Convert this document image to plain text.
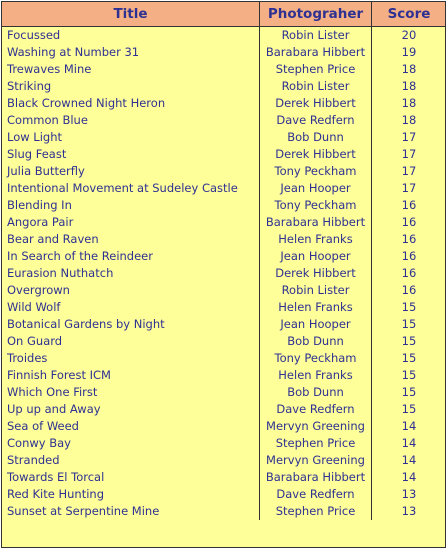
Title	Photograher	Score
Focussed	Robin Lister	20
Washing at Number 31	Barabara Hibbert	19
Trewaves Mine	Stephen Price	18
Striking	Robin Lister	18
Black Crowned Night Heron	Derek Hibbert	18
Common Blue	Dave Redfern	18
Low Light	Bob Dunn	17
Slug Feast	Derek Hibbert	17
Julia Butterfly	Tony Peckham	17
Intentional Movement at Sudeley Castle	Jean Hooper	17
Blending In	Tony Peckham	16
Angora Pair	Barabara Hibbert	16
Bear and Raven	Helen Franks	16
In Search of the Reindeer	Jean Hooper	16
Eurasion Nuthatch	Derek Hibbert	16
Overgrown	Robin Lister	16
Wild Wolf	Helen Franks	15
Botanical Gardens by Night	Jean Hooper	15
On Guard	Bob Dunn	15
Troides	Tony Peckham	15
Finnish Forest ICM	Helen Franks	15
Which One First	Bob Dunn	15
Up up and Away	Dave Redfern	15
Sea of Weed	Mervyn Greening	14
Conwy Bay	Stephen Price	14
Stranded	Mervyn Greening	14
Towards El Torcal	Barabara Hibbert	14
Red Kite Hunting	Dave Redfern	13
Sunset at Serpentine Mine	Stephen Price	13
